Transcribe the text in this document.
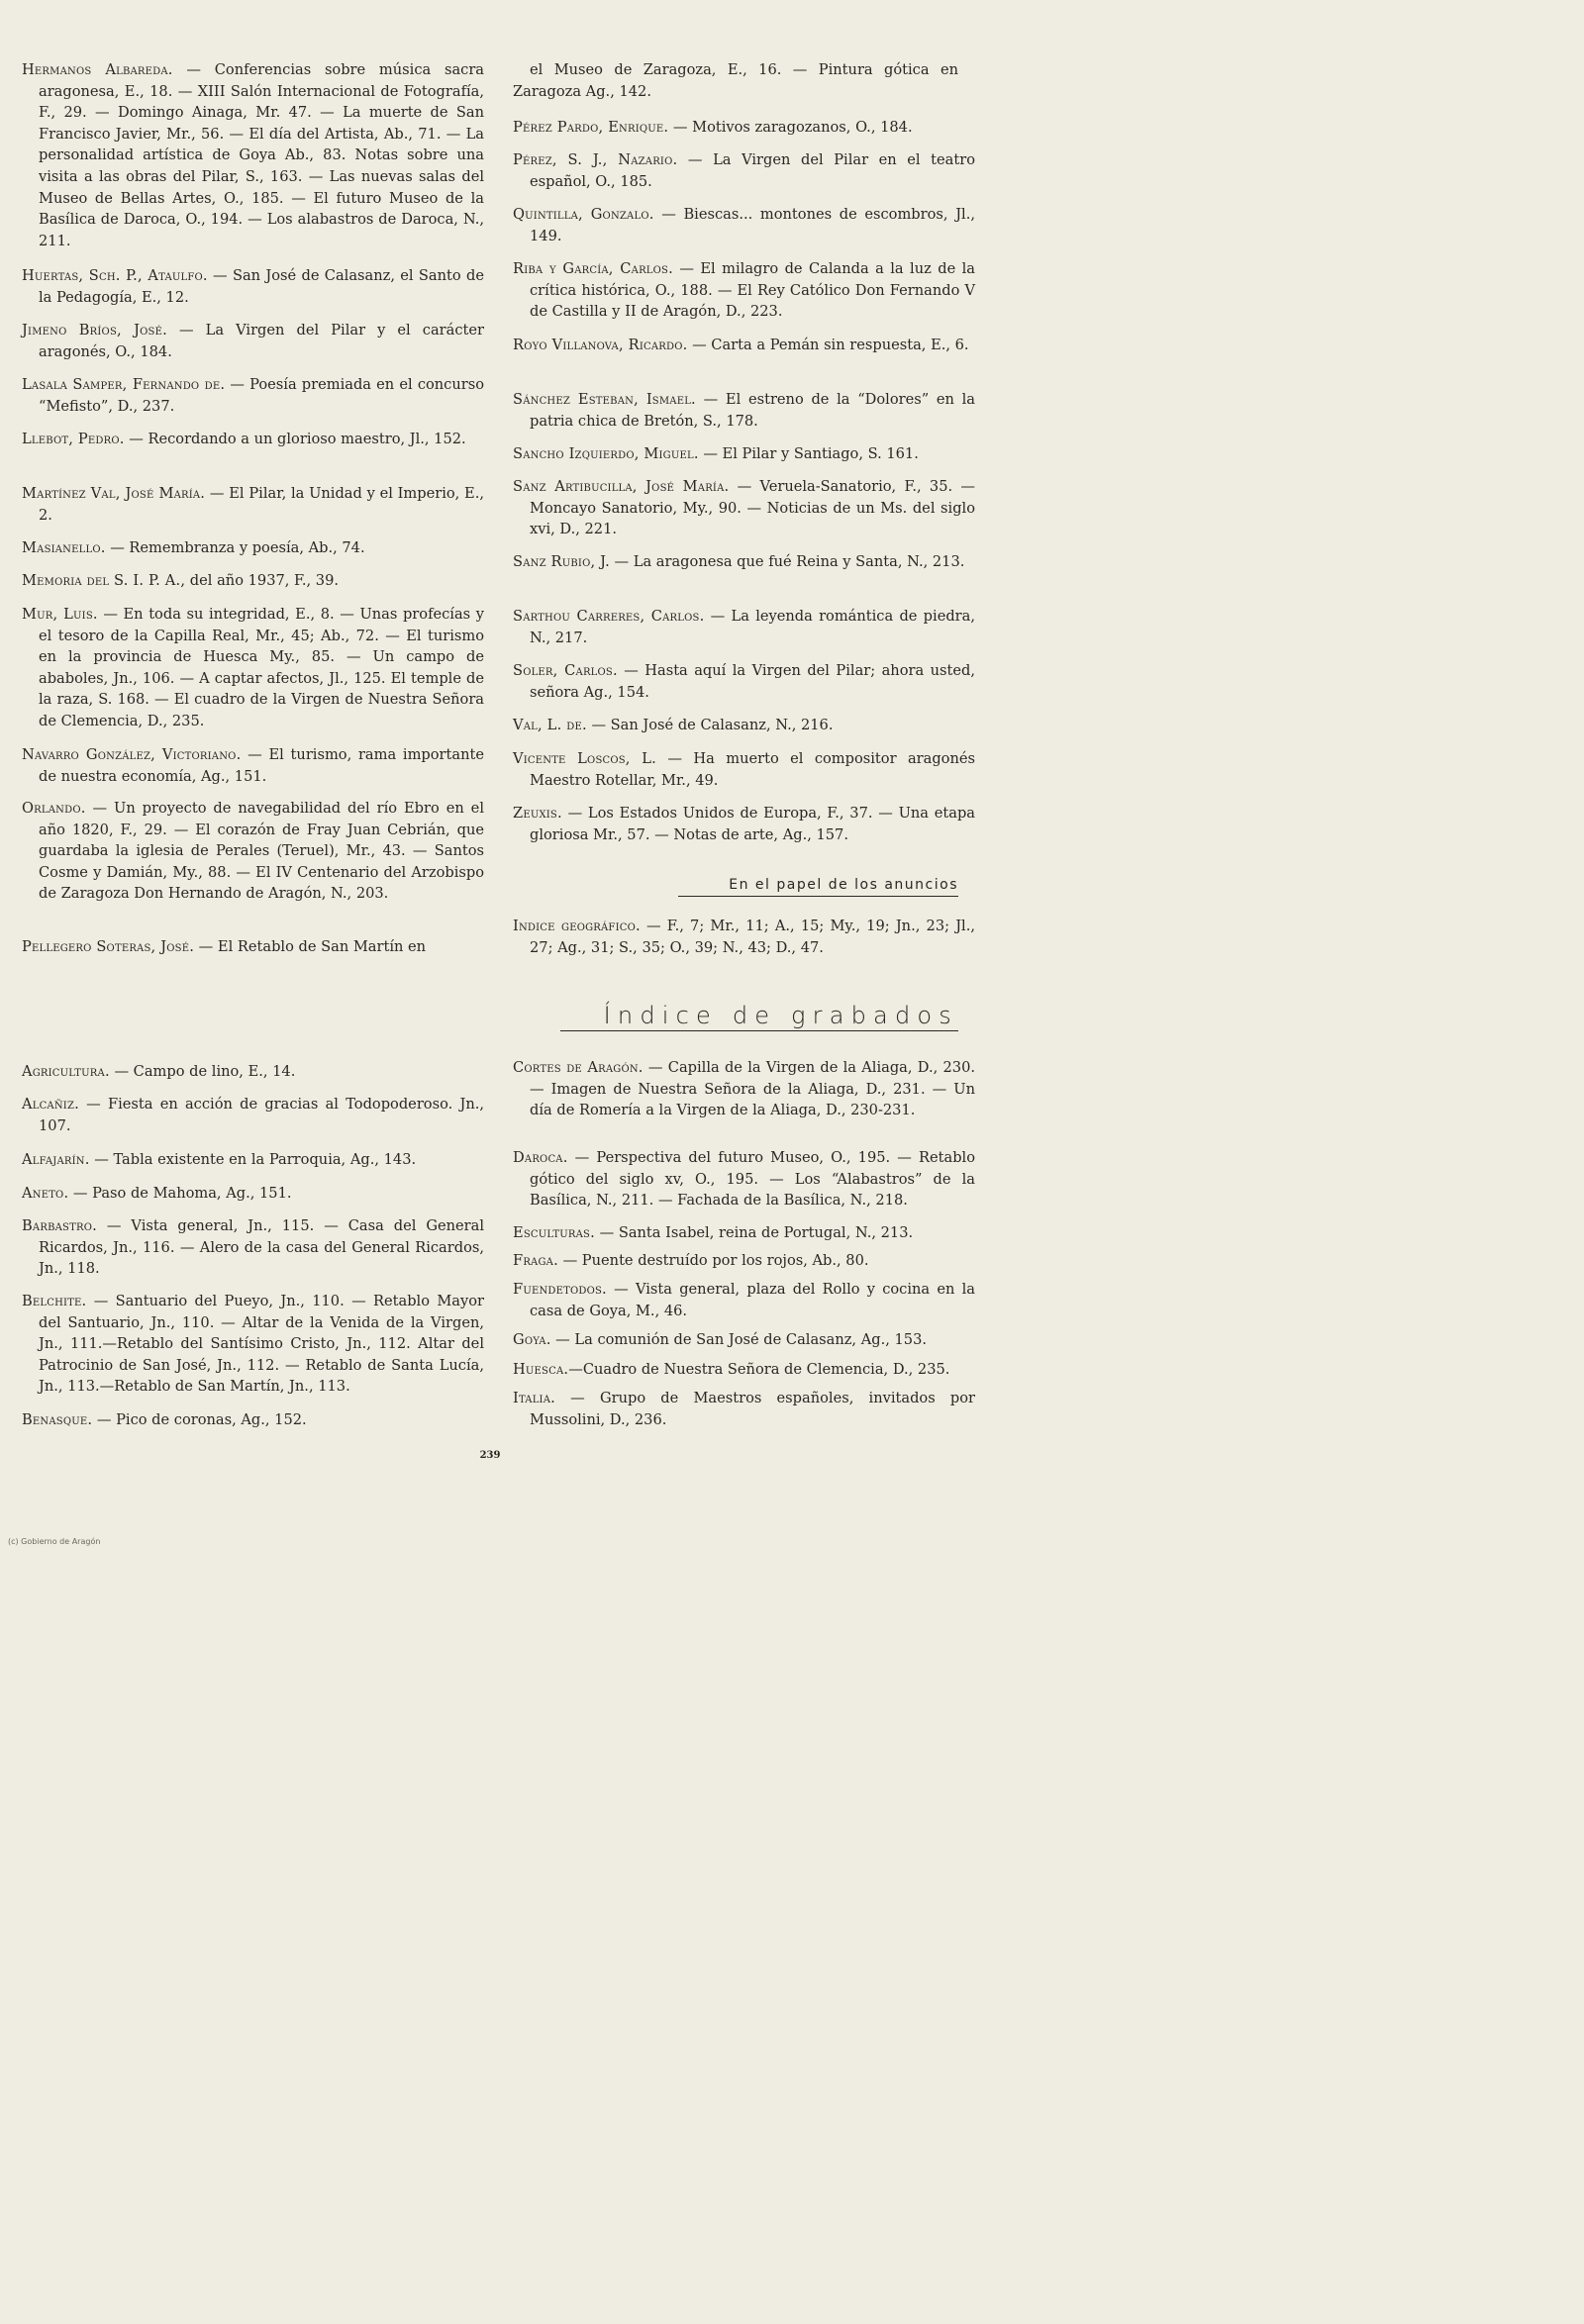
Hermanos Albareda. — Conferencias sobre música sacra aragonesa, E., 18. — XIII Salón Internacional de Fotografía, F., 29. — Domingo Ainaga, Mr. 47. — La muerte de San Francisco Javier, Mr., 56. — El día del Artista, Ab., 71. — La personalidad artística de Goya Ab., 83. Notas sobre una visita a las obras del Pilar, S., 163. — Las nuevas salas del Museo de Bellas Artes, O., 185. — El futuro Museo de la Basílica de Daroca, O., 194. — Los alabastros de Daroca, N., 211.

Huertas, Sch. P., Ataulfo. — San José de Calasanz, el Santo de la Pedagogía, E., 12.

Jimeno Bríos, José. — La Virgen del Pilar y el carácter aragonés, O., 184.

Lasala Samper, Fernando de. — Poesía premiada en el concurso “Mefisto”, D., 237.

Llebot, Pedro. — Recordando a un glorioso maestro, Jl., 152.

Martínez Val, José María. — El Pilar, la Unidad y el Imperio, E., 2.

Masianello. — Remembranza y poesía, Ab., 74.

Memoria del S. I. P. A., del año 1937, F., 39.

Mur, Luis. — En toda su integridad, E., 8. — Unas profecías y el tesoro de la Capilla Real, Mr., 45; Ab., 72. — El turismo en la provincia de Huesca My., 85. — Un campo de ababoles, Jn., 106. — A captar afectos, Jl., 125. El temple de la raza, S. 168. — El cuadro de la Virgen de Nuestra Señora de Clemencia, D., 235.

Navarro González, Victoriano. — El turismo, rama importante de nuestra economía, Ag., 151.

Orlando. — Un proyecto de navegabilidad del río Ebro en el año 1820, F., 29. — El corazón de Fray Juan Cebrián, que guardaba la iglesia de Perales (Teruel), Mr., 43. — Santos Cosme y Damián, My., 88. — El IV Centenario del Arzobispo de Zaragoza Don Hernando de Aragón, N., 203.

Pellegero Soteras, José. — El Retablo de San Martín en

el Museo de Zaragoza, E., 16. — Pintura gótica en Zaragoza Ag., 142.

Pérez Pardo, Enrique. — Motivos zaragozanos, O., 184.

Pérez, S. J., Nazario. — La Virgen del Pilar en el teatro español, O., 185.

Quintilla, Gonzalo. — Biescas... montones de escombros, Jl., 149.

Riba y García, Carlos. — El milagro de Calanda a la luz de la crítica histórica, O., 188. — El Rey Católico Don Fernando V de Castilla y II de Aragón, D., 223.

Royo Villanova, Ricardo. — Carta a Pemán sin respuesta, E., 6.

Sánchez Esteban, Ismael. — El estreno de la “Dolores” en la patria chica de Bretón, S., 178.

Sancho Izquierdo, Miguel. — El Pilar y Santiago, S. 161.

Sanz Artibucilla, José María. — Veruela-Sanatorio, F., 35. — Moncayo Sanatorio, My., 90. — Noticias de un Ms. del siglo xvi, D., 221.

Sanz Rubio, J. — La aragonesa que fué Reina y Santa, N., 213.

Sarthou Carreres, Carlos. — La leyenda romántica de piedra, N., 217.

Soler, Carlos. — Hasta aquí la Virgen del Pilar; ahora usted, señora Ag., 154.

Val, L. de. — San José de Calasanz, N., 216.

Vicente Loscos, L. — Ha muerto el compositor aragonés Maestro Rotellar, Mr., 49.

Zeuxis. — Los Estados Unidos de Europa, F., 37. — Una etapa gloriosa Mr., 57. — Notas de arte, Ag., 157.

En el papel de los anuncios

Indice geográfico. — F., 7; Mr., 11; A., 15; My., 19; Jn., 23; Jl., 27; Ag., 31; S., 35; O., 39; N., 43; D., 47.

Índice de grabados

Agricultura. — Campo de lino, E., 14.

Alcañiz. — Fiesta en acción de gracias al Todopoderoso. Jn., 107.

Alfajarín. — Tabla existente en la Parroquia, Ag., 143.

Aneto. — Paso de Mahoma, Ag., 151.

Barbastro. — Vista general, Jn., 115. — Casa del General Ricardos, Jn., 116. — Alero de la casa del General Ricardos, Jn., 118.

Belchite. — Santuario del Pueyo, Jn., 110. — Retablo Mayor del Santuario, Jn., 110. — Altar de la Venida de la Virgen, Jn., 111.—Retablo del Santísimo Cristo, Jn., 112. Altar del Patrocinio de San José, Jn., 112. — Retablo de Santa Lucía, Jn., 113.—Retablo de San Martín, Jn., 113.

Benasque. — Pico de coronas, Ag., 152.

Cortes de Aragón. — Capilla de la Virgen de la Aliaga, D., 230. — Imagen de Nuestra Señora de la Aliaga, D., 231. — Un día de Romería a la Virgen de la Aliaga, D., 230-231.

Daroca. — Perspectiva del futuro Museo, O., 195. — Retablo gótico del siglo xv, O., 195. — Los “Alabastros” de la Basílica, N., 211. — Fachada de la Basílica, N., 218.

Esculturas. — Santa Isabel, reina de Portugal, N., 213.

Fraga. — Puente destruído por los rojos, Ab., 80.

Fuendetodos. — Vista general, plaza del Rollo y cocina en la casa de Goya, M., 46.

Goya. — La comunión de San José de Calasanz, Ag., 153.

Huesca.—Cuadro de Nuestra Señora de Clemencia, D., 235.

Italia. — Grupo de Maestros españoles, invitados por Mussolini, D., 236.

239
(c) Gobierno de Aragón
